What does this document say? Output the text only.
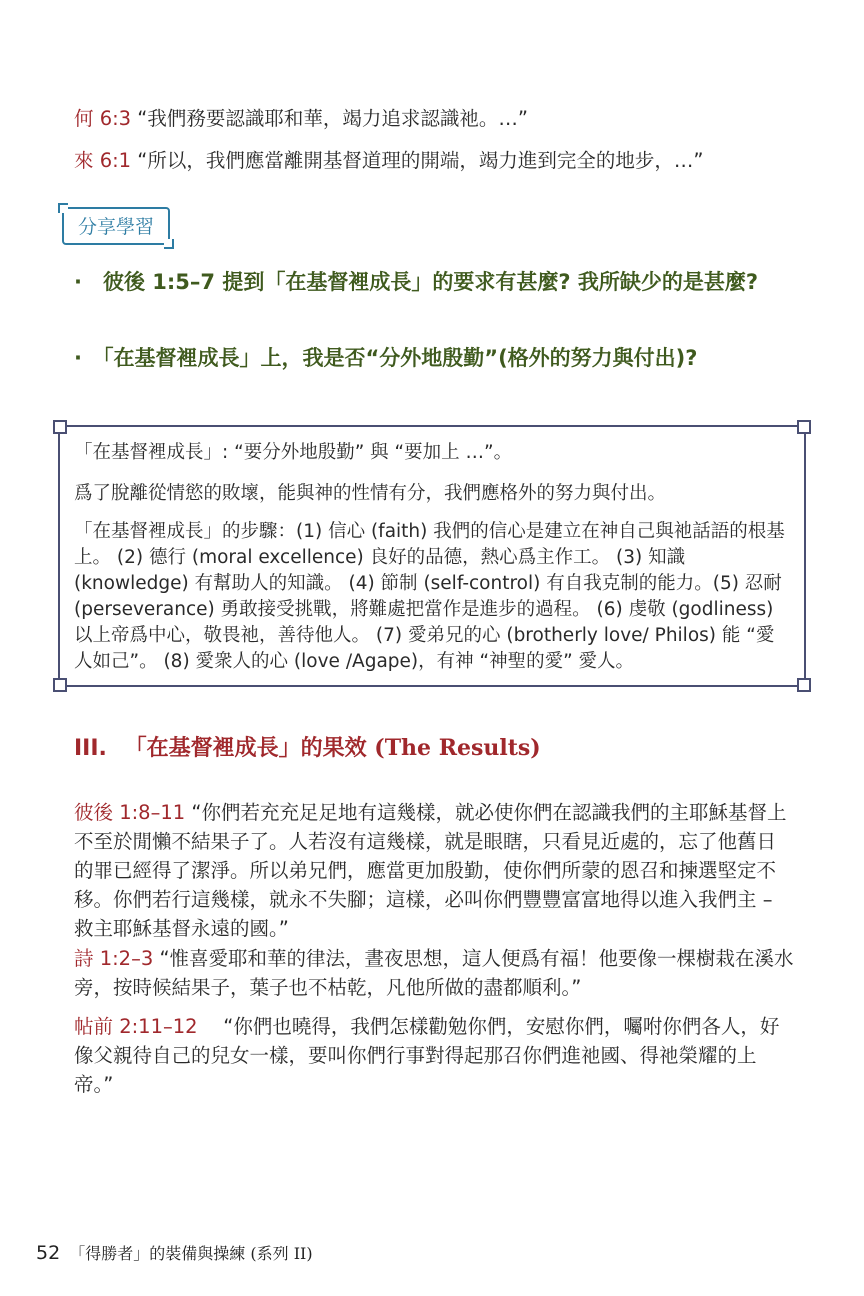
何 6:3 “我們務要認識耶和華，竭力追求認識祂。…”
來 6:1 “所以，我們應當離開基督道理的開端，竭力進到完全的地步，…”
分享學習
·　彼後 1:5–7 提到「在基督裡成長」的要求有甚麼? 我所缺少的是甚麼?
·　「在基督裡成長」上，我是否“分外地殷勤”(格外的努力與付出)?

「在基督裡成長」: “要分外地殷勤” 與 “要加上 …”。

爲了脫離從情慾的敗壞，能與神的性情有分，我們應格外的努力與付出。

「在基督裡成長」的步驟：(1) 信心 (faith) 我們的信心是建立在神自己與祂話語的根基上。 (2) 德行 (moral excellence) 良好的品德，熱心爲主作工。 (3) 知識 (knowledge) 有幫助人的知識。 (4) 節制 (self-control) 有自我克制的能力。(5) 忍耐 (perseverance) 勇敢接受挑戰，將難處把當作是進步的過程。 (6) 虔敬 (godliness) 以上帝爲中心，敬畏祂，善待他人。 (7) 愛弟兄的心 (brotherly love/ Philos) 能 “愛人如己”。 (8) 愛衆人的心 (love /Agape)，有神 “神聖的愛” 愛人。

III. 「在基督裡成長」的果效 (The Results)
彼後 1:8–11 “你們若充充足足地有這幾樣，就必使你們在認識我們的主耶穌基督上不至於閒懶不結果子了。人若沒有這幾樣，就是眼瞎，只看見近處的，忘了他舊日的罪已經得了潔淨。所以弟兄們，應當更加殷勤，使你們所蒙的恩召和揀選堅定不移。你們若行這幾樣，就永不失腳；這樣，必叫你們豐豐富富地得以進入我們主 – 救主耶穌基督永遠的國。”
詩 1:2–3 “惟喜愛耶和華的律法，晝夜思想，這人便爲有福！他要像一棵樹栽在溪水旁，按時候結果子，葉子也不枯乾，凡他所做的盡都順利。”
帖前 2:11–12 　“你們也曉得，我們怎樣勸勉你們，安慰你們，囑咐你們各人，好像父親待自己的兒女一樣，要叫你們行事對得起那召你們進祂國、得祂榮耀的上帝。”
52 「得勝者」的裝備與操練 (系列 II)
